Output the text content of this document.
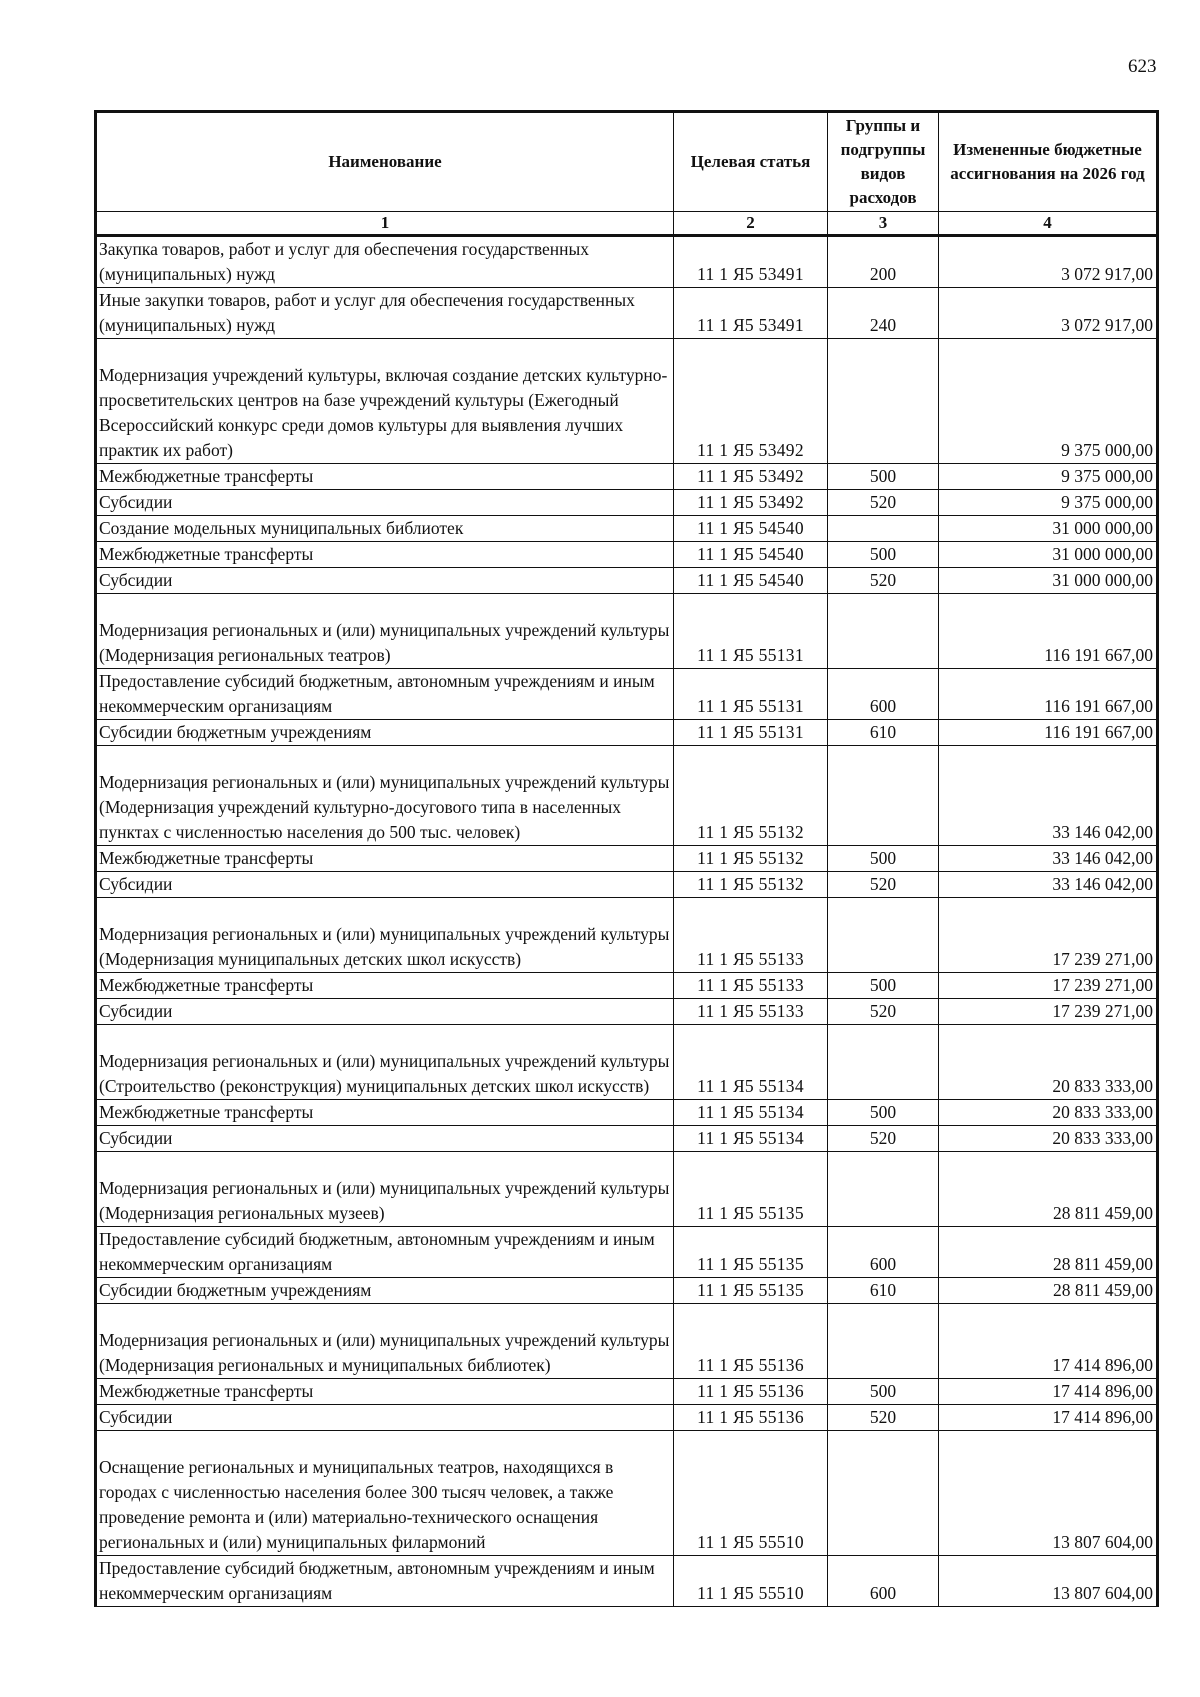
623
Наименование	Целевая статья	Группы и подгруппы видов расходов	Измененные бюджетные ассигнования на 2026 год
1	2	3	4
Закупка товаров, работ и услуг для обеспечения государственных (муниципальных) нужд	11 1 Я5 53491	200	3 072 917,00
Иные закупки товаров, работ и услуг для обеспечения государственных (муниципальных) нужд	11 1 Я5 53491	240	3 072 917,00
Модернизация учреждений культуры, включая создание детских культурно-просветительских центров на базе учреждений культуры (Ежегодный Всероссийский конкурс среди домов культуры для выявления лучших практик их работ)	11 1 Я5 53492		9 375 000,00
Межбюджетные трансферты	11 1 Я5 53492	500	9 375 000,00
Субсидии	11 1 Я5 53492	520	9 375 000,00
Создание модельных муниципальных библиотек	11 1 Я5 54540		31 000 000,00
Межбюджетные трансферты	11 1 Я5 54540	500	31 000 000,00
Субсидии	11 1 Я5 54540	520	31 000 000,00
Модернизация региональных и (или) муниципальных учреждений культуры (Модернизация региональных театров)	11 1 Я5 55131		116 191 667,00
Предоставление субсидий бюджетным, автономным учреждениям и иным некоммерческим организациям	11 1 Я5 55131	600	116 191 667,00
Субсидии бюджетным учреждениям	11 1 Я5 55131	610	116 191 667,00
Модернизация региональных и (или) муниципальных учреждений культуры (Модернизация учреждений культурно-досугового типа в населенных пунктах с численностью населения до 500 тыс. человек)	11 1 Я5 55132		33 146 042,00
Межбюджетные трансферты	11 1 Я5 55132	500	33 146 042,00
Субсидии	11 1 Я5 55132	520	33 146 042,00
Модернизация региональных и (или) муниципальных учреждений культуры (Модернизация муниципальных детских школ искусств)	11 1 Я5 55133		17 239 271,00
Межбюджетные трансферты	11 1 Я5 55133	500	17 239 271,00
Субсидии	11 1 Я5 55133	520	17 239 271,00
Модернизация региональных и (или) муниципальных учреждений культуры (Строительство (реконструкция) муниципальных детских школ искусств)	11 1 Я5 55134		20 833 333,00
Межбюджетные трансферты	11 1 Я5 55134	500	20 833 333,00
Субсидии	11 1 Я5 55134	520	20 833 333,00
Модернизация региональных и (или) муниципальных учреждений культуры (Модернизация региональных музеев)	11 1 Я5 55135		28 811 459,00
Предоставление субсидий бюджетным, автономным учреждениям и иным некоммерческим организациям	11 1 Я5 55135	600	28 811 459,00
Субсидии бюджетным учреждениям	11 1 Я5 55135	610	28 811 459,00
Модернизация региональных и (или) муниципальных учреждений культуры (Модернизация региональных и муниципальных библиотек)	11 1 Я5 55136		17 414 896,00
Межбюджетные трансферты	11 1 Я5 55136	500	17 414 896,00
Субсидии	11 1 Я5 55136	520	17 414 896,00
Оснащение региональных и муниципальных театров, находящихся в городах с численностью населения более 300 тысяч человек, а также проведение ремонта и (или) материально-технического оснащения региональных и (или) муниципальных филармоний	11 1 Я5 55510		13 807 604,00
Предоставление субсидий бюджетным, автономным учреждениям и иным некоммерческим организациям	11 1 Я5 55510	600	13 807 604,00
